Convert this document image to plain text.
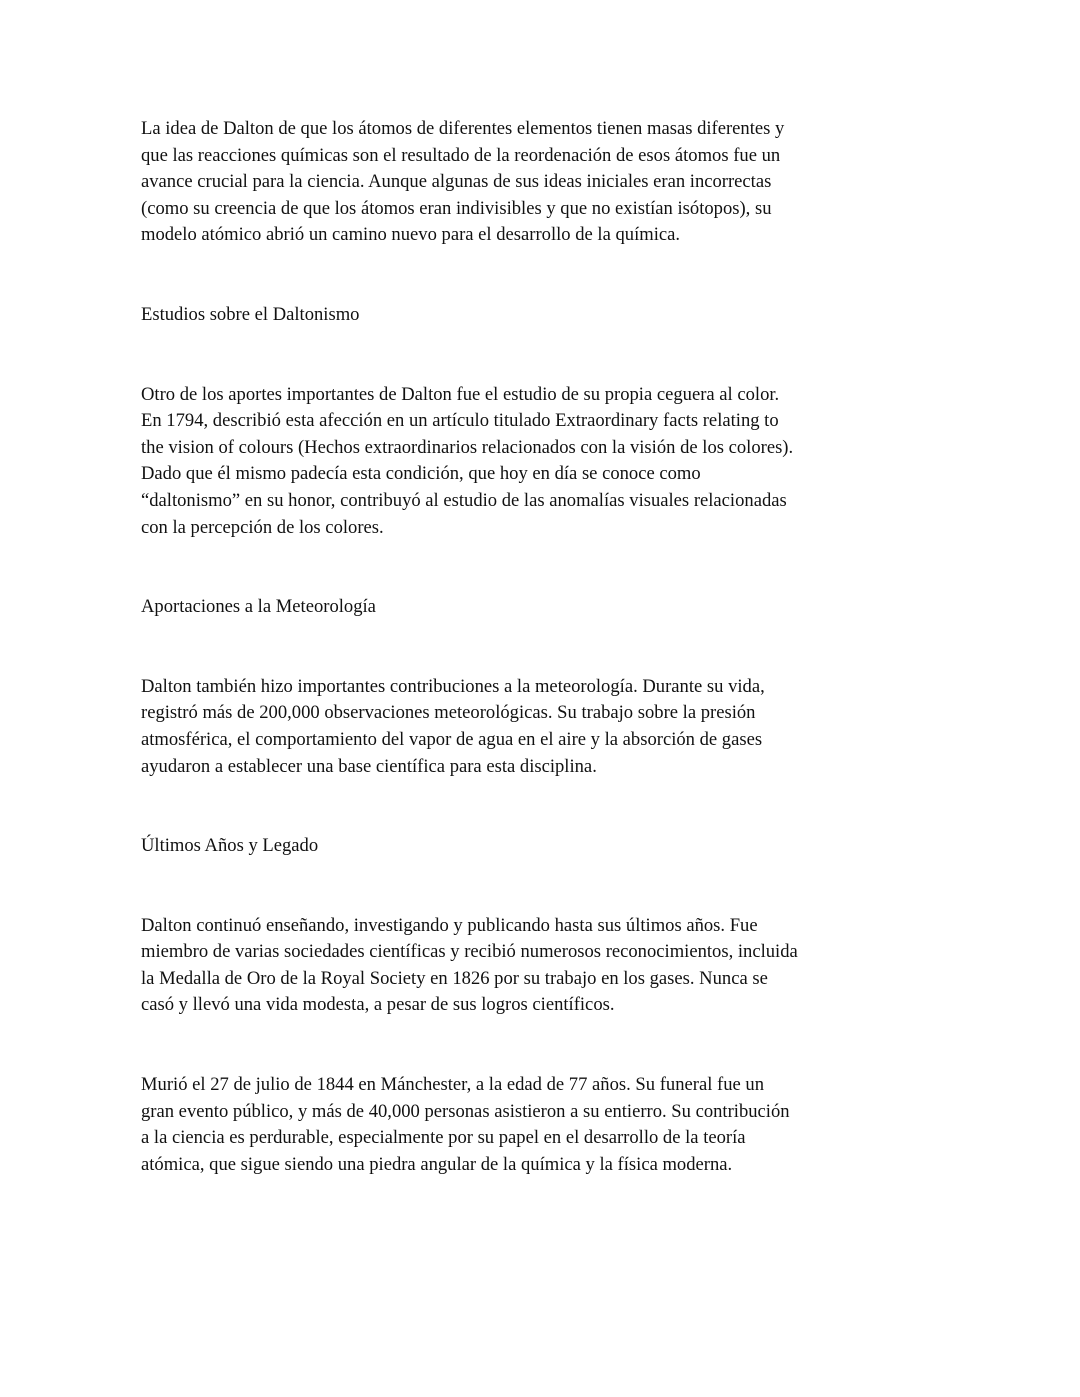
La idea de Dalton de que los átomos de diferentes elementos tienen masas diferentes y
que las reacciones químicas son el resultado de la reordenación de esos átomos fue un
avance crucial para la ciencia. Aunque algunas de sus ideas iniciales eran incorrectas
(como su creencia de que los átomos eran indivisibles y que no existían isótopos), su
modelo atómico abrió un camino nuevo para el desarrollo de la química.

Estudios sobre el Daltonismo

Otro de los aportes importantes de Dalton fue el estudio de su propia ceguera al color.
En 1794, describió esta afección en un artículo titulado Extraordinary facts relating to
the vision of colours (Hechos extraordinarios relacionados con la visión de los colores).
Dado que él mismo padecía esta condición, que hoy en día se conoce como
“daltonismo” en su honor, contribuyó al estudio de las anomalías visuales relacionadas
con la percepción de los colores.

Aportaciones a la Meteorología

Dalton también hizo importantes contribuciones a la meteorología. Durante su vida,
registró más de 200,000 observaciones meteorológicas. Su trabajo sobre la presión
atmosférica, el comportamiento del vapor de agua en el aire y la absorción de gases
ayudaron a establecer una base científica para esta disciplina.

Últimos Años y Legado

Dalton continuó enseñando, investigando y publicando hasta sus últimos años. Fue
miembro de varias sociedades científicas y recibió numerosos reconocimientos, incluida
la Medalla de Oro de la Royal Society en 1826 por su trabajo en los gases. Nunca se
casó y llevó una vida modesta, a pesar de sus logros científicos.

Murió el 27 de julio de 1844 en Mánchester, a la edad de 77 años. Su funeral fue un
gran evento público, y más de 40,000 personas asistieron a su entierro. Su contribución
a la ciencia es perdurable, especialmente por su papel en el desarrollo de la teoría
atómica, que sigue siendo una piedra angular de la química y la física moderna.
